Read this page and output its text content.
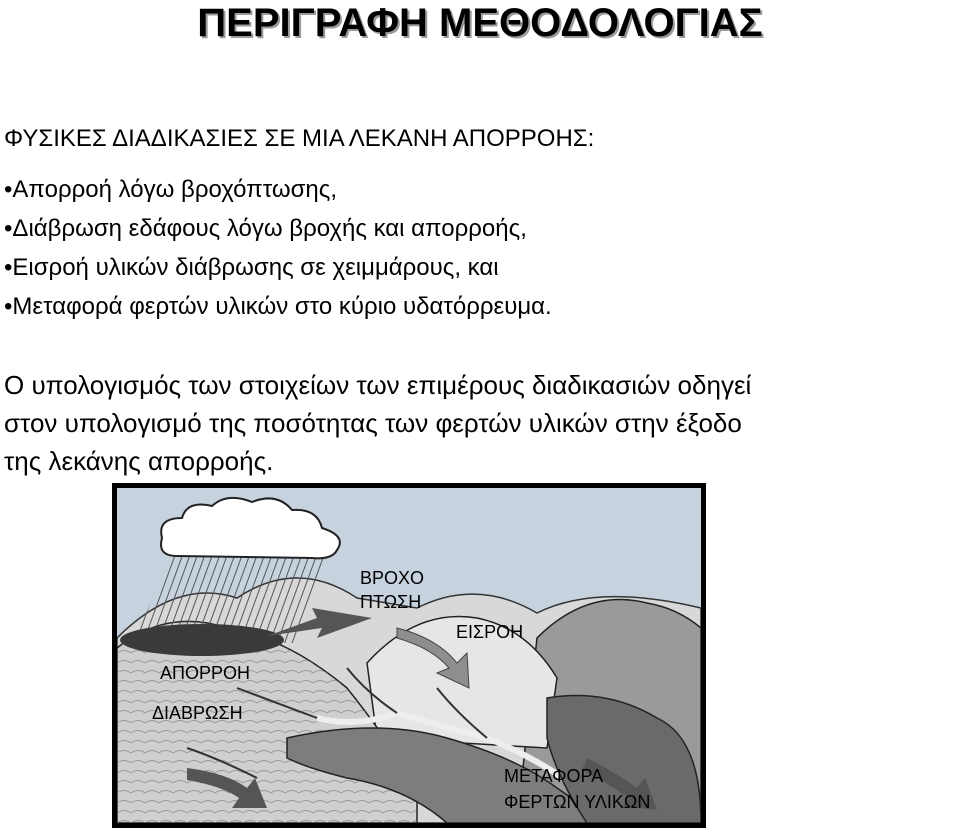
ΠΕΡΙΓΡΑΦΗ ΜΕΘΟΔΟΛΟΓΙΑΣ
ΦΥΣΙΚΕΣ ΔΙΑΔΙΚΑΣΙΕΣ ΣΕ ΜΙΑ ΛΕΚΑΝΗ ΑΠΟΡΡΟΗΣ:
• Απορροή λόγω βροχόπτωσης,
• Διάβρωση εδάφους λόγω βροχής και απορροής,
• Εισροή υλικών διάβρωσης σε χειμμάρους, και
• Μεταφορά φερτών υλικών στο κύριο υδατόρρευμα.

Ο υπολογισμός των στοιχείων των επιμέρους διαδικασιών οδηγεί
στον υπολογισμό της ποσότητας των φερτών υλικών στην έξοδο
της λεκάνης απορροής.

ΒΡΟΧΟ
ΠΤΩΣΗ
ΕΙΣΡΟΗ
ΑΠΟΡΡΟΗ
ΔΙΑΒΡΩΣΗ
ΜΕΤΑΦΟΡΑ
ΦΕΡΤΩΝ ΥΛΙΚΩΝ
